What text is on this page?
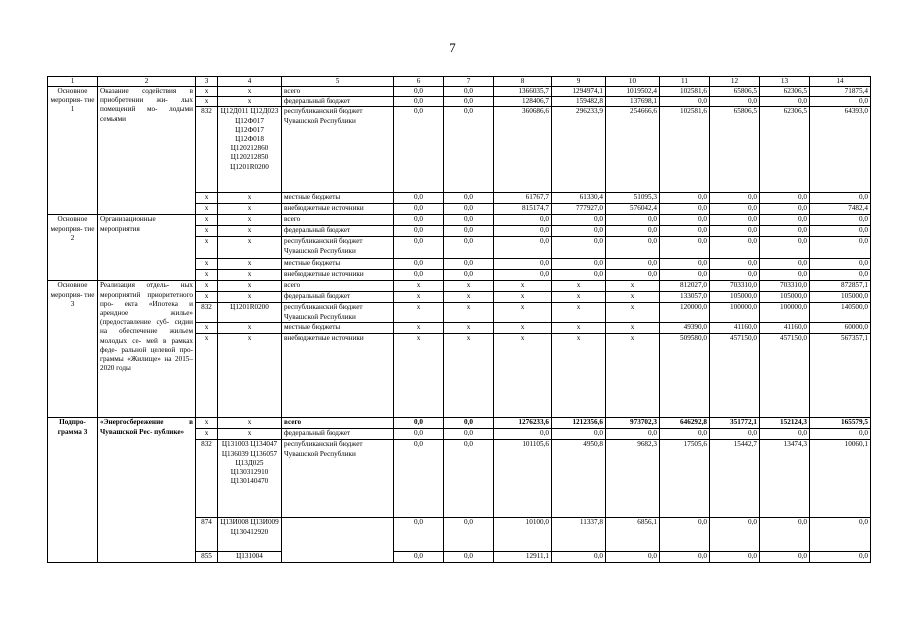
7
1	2	3	4	5	6	7	8	9	10	11	12	13	14
Основное мероприя- тие 1	Оказание содействия в приобретении жи- лых помещений мо- лодыми семьями	х	х	всего	0,0	0,0	1366035,7	1294974,1	1019502,4	102581,6	65806,5	62306,5	71875,4
		х	х	федеральный бюджет	0,0	0,0	128406,7	159482,8	137698,1	0,0	0,0	0,0	0,0
		832	Ц12Д011 Ц12Д023 Ц12Ф017 Ц12Ф017 Ц12Ф018 Ц120212860 Ц120212850 Ц1201R0200	республиканский бюджет Чувашской Республики	0,0	0,0	360686,6	296233,9	254666,6	102581,6	65806,5	62306,5	64393,0
		х	х	местные бюджеты	0,0	0,0	61767,7	61330,4	51095,3	0,0	0,0	0,0	0,0
		х	х	внебюджетные источники	0,0	0,0	815174,7	777927,0	576042,4	0,0	0,0	0,0	7482,4
Основное мероприя- тие 2	Организационные мероприятия	х	х	всего	0,0	0,0	0,0	0,0	0,0	0,0	0,0	0,0	0,0
		х	х	федеральный бюджет	0,0	0,0	0,0	0,0	0,0	0,0	0,0	0,0	0,0
		х	х	республиканский бюджет Чувашской Республики	0,0	0,0	0,0	0,0	0,0	0,0	0,0	0,0	0,0
		х	х	местные бюджеты	0,0	0,0	0,0	0,0	0,0	0,0	0,0	0,0	0,0
		х	х	внебюджетные источники	0,0	0,0	0,0	0,0	0,0	0,0	0,0	0,0	0,0
Основное мероприя- тие 3	Реализация отдель- ных мероприятий приоритетного про- екта «Ипотека и арендное жилье» (предоставление суб- сидии на обеспечение жильем молодых се- мей в рамках феде- ральной целевой про- граммы «Жилище» на 2015–2020 годы	х	х	всего	х	х	х	х	х	812027,0	703310,0	703310,0	872857,1
		х	х	федеральный бюджет	х	х	х	х	х	133057,0	105000,0	105000,0	105000,0
		832	Ц1201R0200	республиканский бюджет Чувашской Республики	х	х	х	х	х	120000,0	100000,0	100000,0	140500,0
		х	х	местные бюджеты	х	х	х	х	х	49390,0	41160,0	41160,0	60000,0
		х	х	внебюджетные источники	х	х	х	х	х	509580,0	457150,0	457150,0	567357,1
Подпро- грамма 3	«Энергосбережение в Чувашской Рес- публике»	х	х	всего	0,0	0,0	1276233,6	1212356,6	973702,3	646292,8	351772,1	152124,3	165579,5
		х	х	федеральный бюджет	0,0	0,0	0,0	0,0	0,0	0,0	0,0	0,0	0,0
		832	Ц131003 Ц134047 Ц136039 Ц136057 Ц13Д025 Ц130312910 Ц130140470	республиканский бюджет Чувашской Республики	0,0	0,0	101105,6	4950,8	9682,3	17505,6	15442,7	13474,3	10060,1
		874	Ц13И008 Ц13И009 Ц130412920		0,0	0,0	10100,0	11337,8	6856,1	0,0	0,0	0,0	0,0
		855	Ц131004		0,0	0,0	12911,1	0,0	0,0	0,0	0,0	0,0	0,0
